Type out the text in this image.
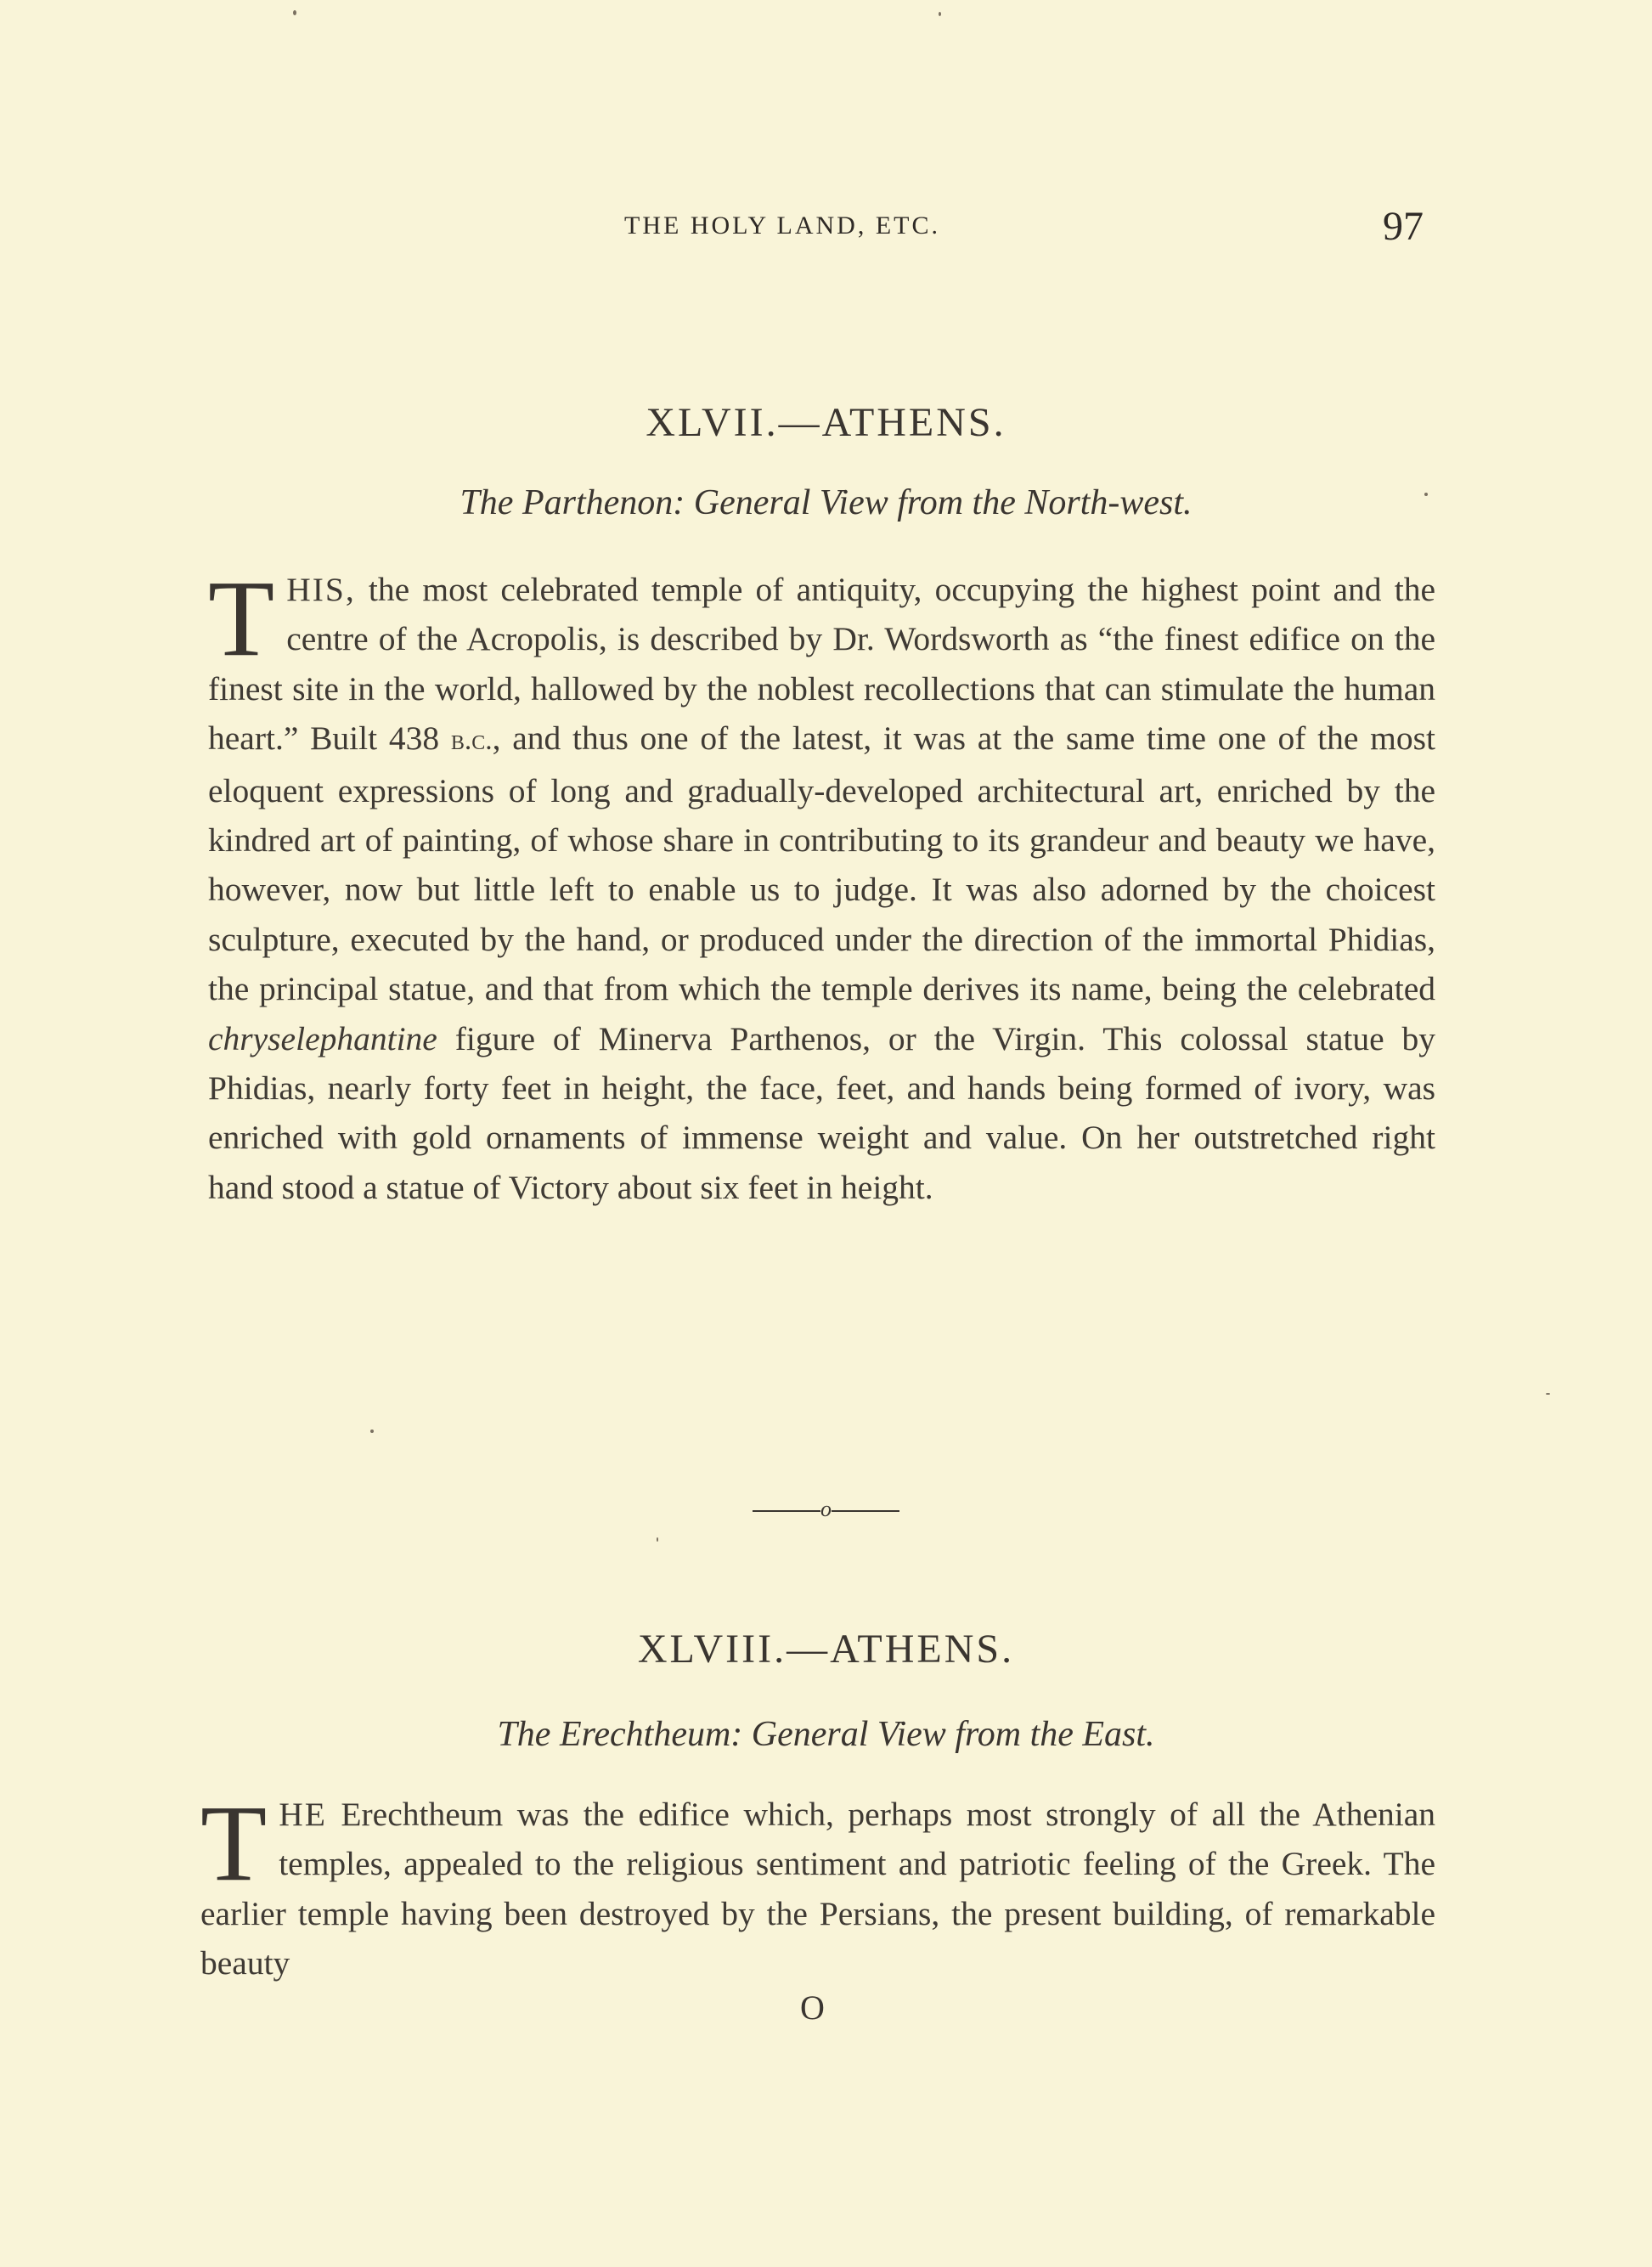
THE HOLY LAND, ETC.	97
XLVII.—ATHENS.

The Parthenon: General View from the North-west.

THIS, the most celebrated temple of antiquity, occupying the highest point and the centre of the Acropolis, is described by Dr. Wordsworth as “the finest edifice on the finest site in the world, hallowed by the noblest recollections that can stimulate the human heart.” Built 438 b.c., and thus one of the latest, it was at the same time one of the most eloquent expressions of long and gradually-developed architectural art, enriched by the kindred art of painting, of whose share in contributing to its grandeur and beauty we have, however, now but little left to enable us to judge. It was also adorned by the choicest sculpture, executed by the hand, or produced under the direction of the immortal Phidias, the principal statue, and that from which the temple derives its name, being the celebrated chryselephantine figure of Minerva Parthenos, or the Virgin. This colossal statue by Phidias, nearly forty feet in height, the face, feet, and hands being formed of ivory, was enriched with gold ornaments of immense weight and value. On her outstretched right hand stood a statue of Victory about six feet in height.
o
XLVIII.—ATHENS.

The Erechtheum: General View from the East.

THE Erechtheum was the edifice which, perhaps most strongly of all the Athenian temples, appealed to the religious sentiment and patriotic feeling of the Greek. The earlier temple having been destroyed by the Persians, the present building, of remarkable beauty
O
